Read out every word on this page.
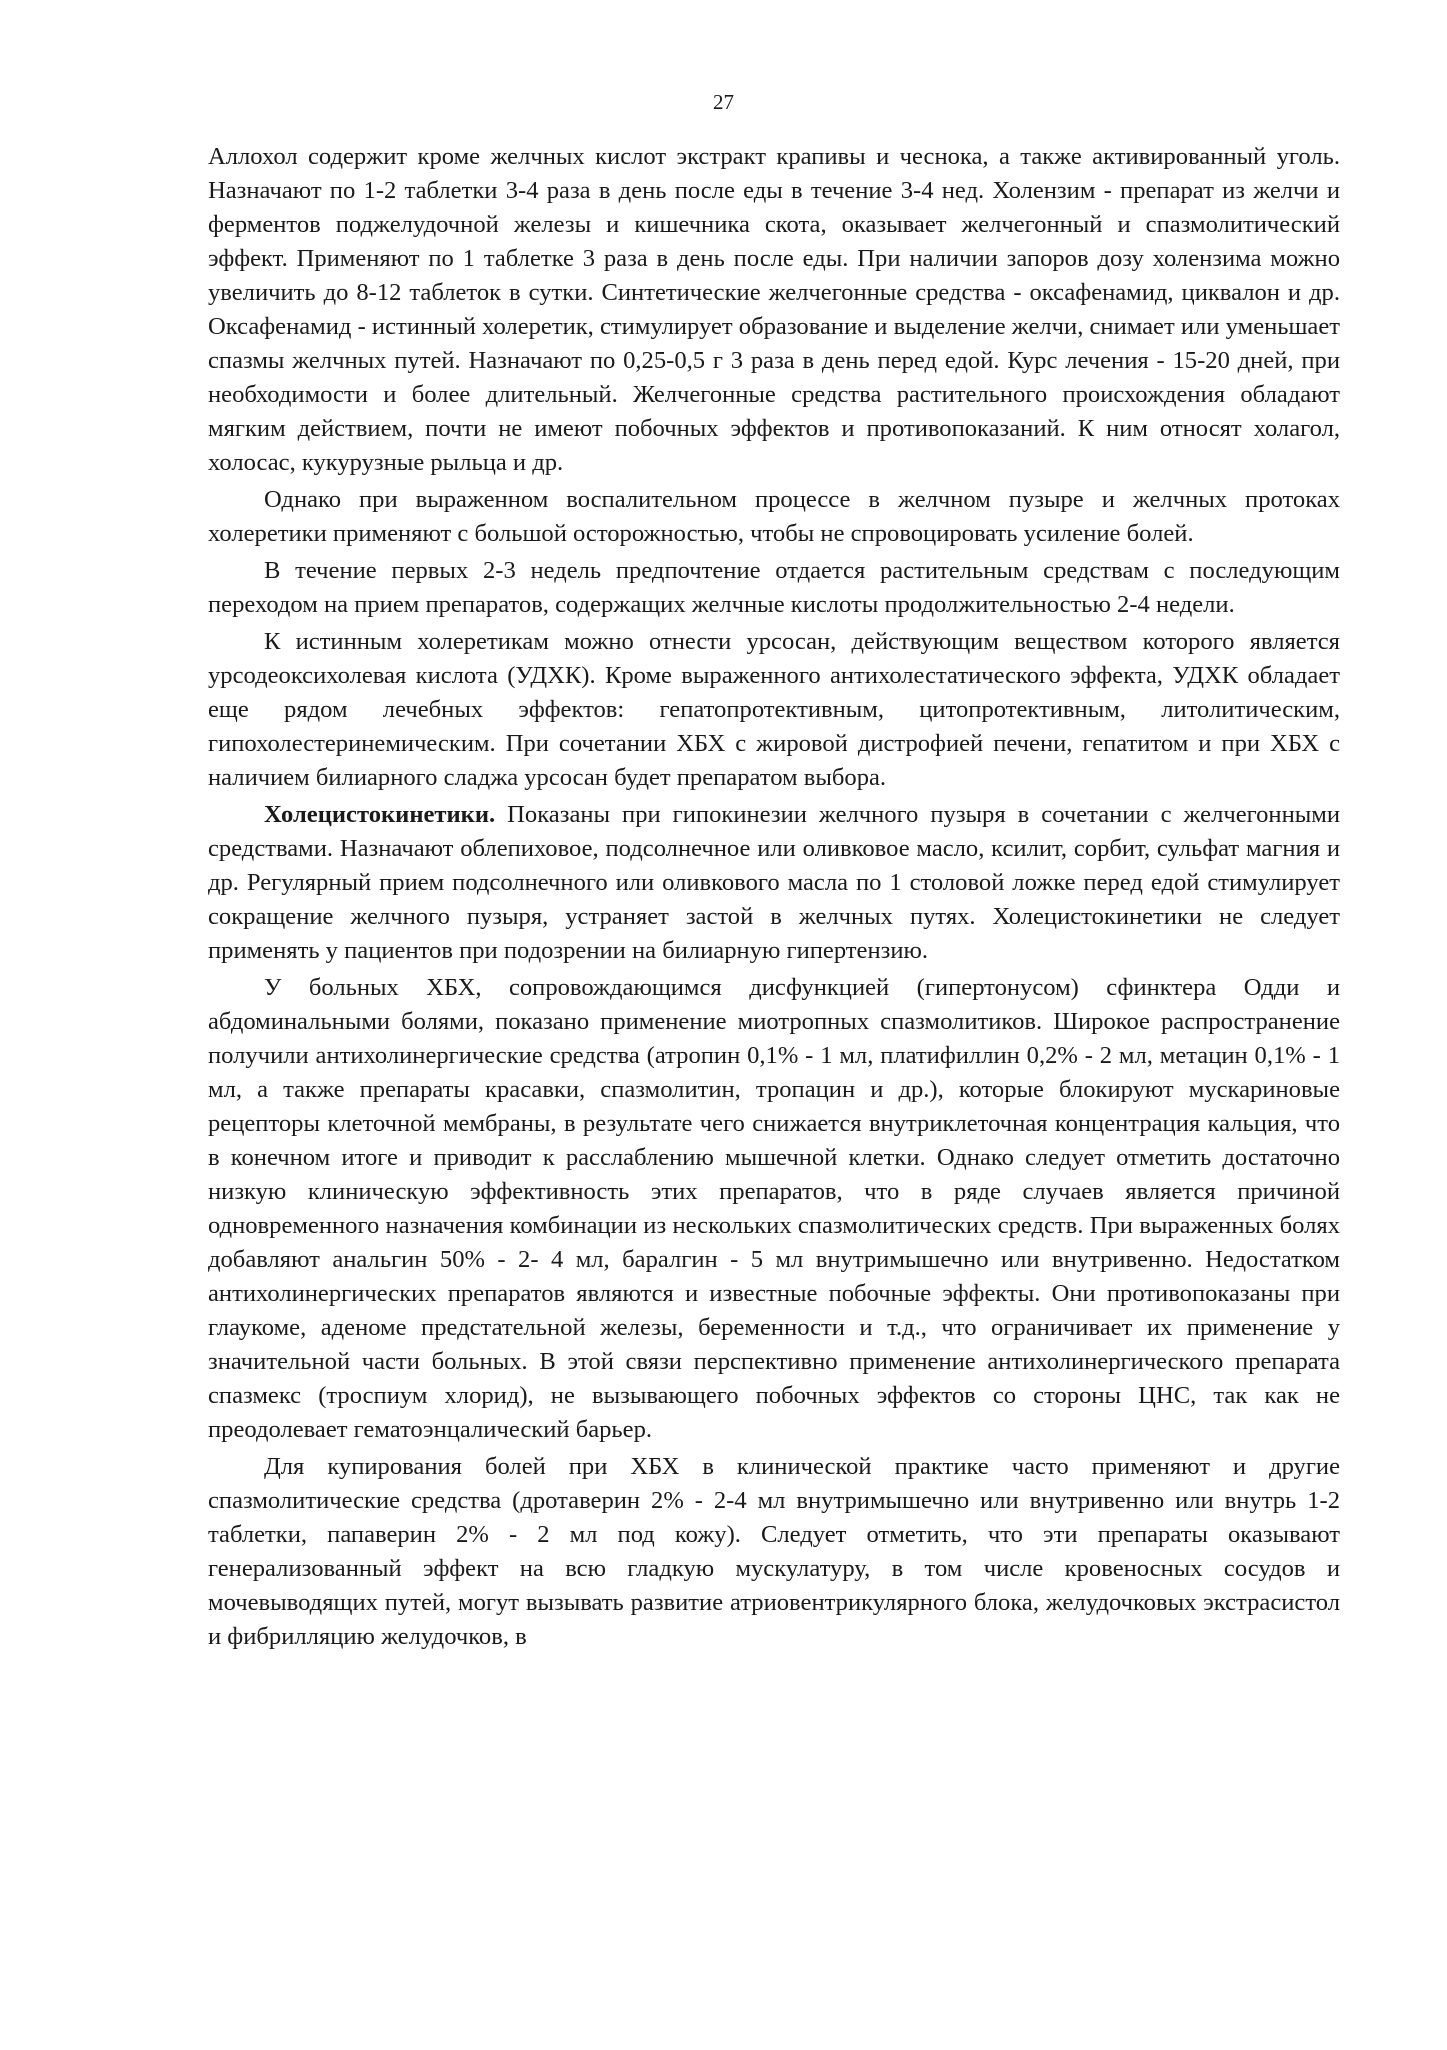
27

Аллохол содержит кроме желчных кислот экстракт крапивы и чеснока, а также активированный уголь. Назначают по 1-2 таблетки 3-4 раза в день после еды в течение 3-4 нед. Холензим - препарат из желчи и ферментов поджелудочной железы и кишечника скота, оказывает желчегонный и спазмолитический эффект. Применяют по 1 таблетке 3 раза в день после еды. При наличии запоров дозу холензима можно увеличить до 8-12 таблеток в сутки. Синтетические желчегонные средства - оксафенамид, циквалон и др. Оксафенамид - истинный холеретик, стимулирует образование и выделение желчи, снимает или уменьшает спазмы желчных путей. Назначают по 0,25-0,5 г 3 раза в день перед едой. Курс лечения - 15-20 дней, при необходимости и более длительный. Желчегонные средства растительного происхождения обладают мягким действием, почти не имеют побочных эффектов и противопоказаний. К ним относят холагол, холосас, кукурузные рыльца и др.

Однако при выраженном воспалительном процессе в желчном пузыре и желчных протоках холеретики применяют с большой осторожностью, чтобы не спровоцировать усиление болей.

В течение первых 2-3 недель предпочтение отдается растительным средствам с последующим переходом на прием препаратов, содержащих желчные кислоты продолжительностью 2-4 недели.

К истинным холеретикам можно отнести урсосан, действующим веществом которого является урсодеоксихолевая кислота (УДХК). Кроме выраженного антихолестатического эффекта, УДХК обладает еще рядом лечебных эффектов: гепатопротективным, цитопротективным, литолитическим, гипохолестеринемическим. При сочетании ХБХ с жировой дистрофией печени, гепатитом и при ХБХ с наличием билиарного сладжа урсосан будет препаратом выбора.

Холецистокинетики. Показаны при гипокинезии желчного пузыря в сочетании с желчегонными средствами. Назначают облепиховое, подсолнечное или оливковое масло, ксилит, сорбит, сульфат магния и др. Регулярный прием подсолнечного или оливкового масла по 1 столовой ложке перед едой стимулирует сокращение желчного пузыря, устраняет застой в желчных путях. Холецистокинетики не следует применять у пациентов при подозрении на билиарную гипертензию.

У больных ХБХ, сопровождающимся дисфункцией (гипертонусом) сфинктера Одди и абдоминальными болями, показано применение миотропных спазмолитиков. Широкое распространение получили антихолинергические средства (атропин 0,1% - 1 мл, платифиллин 0,2% - 2 мл, метацин 0,1% - 1 мл, а также препараты красавки, спазмолитин, тропацин и др.), которые блокируют мускариновые рецепторы клеточной мембраны, в результате чего снижается внутриклеточная концентрация кальция, что в конечном итоге и приводит к расслаблению мышечной клетки. Однако следует отметить достаточно низкую клиническую эффективность этих препаратов, что в ряде случаев является причиной одновременного назначения комбинации из нескольких спазмолитических средств. При выраженных болях добавляют анальгин 50% - 2- 4 мл, баралгин - 5 мл внутримышечно или внутривенно. Недостатком антихолинергических препаратов являются и известные побочные эффекты. Они противопоказаны при глаукоме, аденоме предстательной железы, беременности и т.д., что ограничивает их применение у значительной части больных. В этой связи перспективно применение антихолинергического препарата спазмекс (троспиум хлорид), не вызывающего побочных эффектов со стороны ЦНС, так как не преодолевает гематоэнцалический барьер.

Для купирования болей при ХБХ в клинической практике часто применяют и другие спазмолитические средства (дротаверин 2% - 2-4 мл внутримышечно или внутривенно или внутрь 1-2 таблетки, папаверин 2% - 2 мл под кожу). Следует отметить, что эти препараты оказывают генерализованный эффект на всю гладкую мускулатуру, в том числе кровеносных сосудов и мочевыводящих путей, могут вызывать развитие атриовентрикулярного блока, желудочковых экстрасистол и фибрилляцию желудочков, в
